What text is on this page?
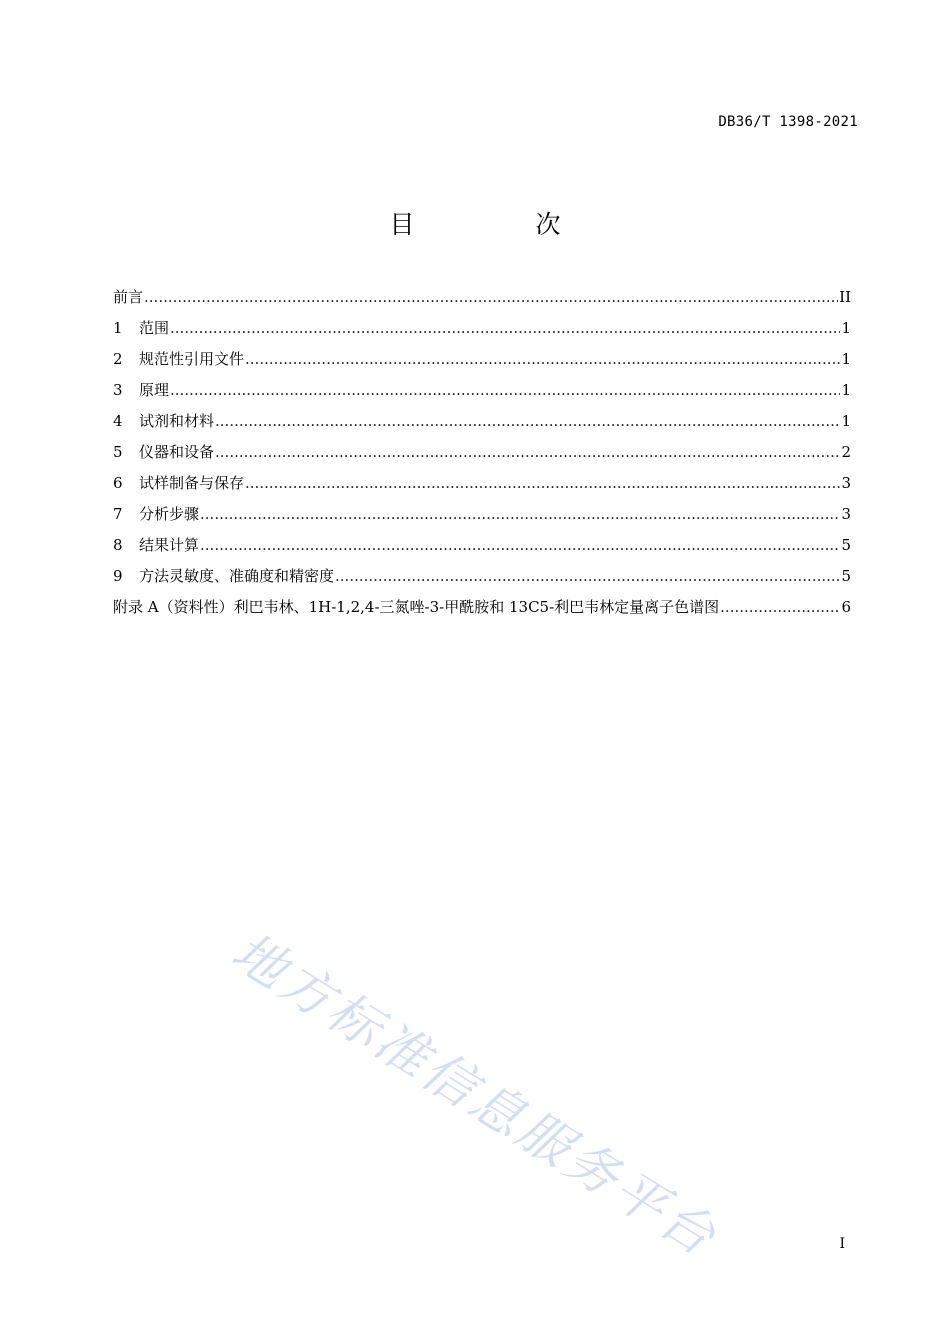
DB36/T 1398-2021
目　次
前言 .....	II
1	范围 .....	1
2	规范性引用文件 .....	1
3	原理 .....	1
4	试剂和材料 .....	1
5	仪器和设备 .....	2
6	试样制备与保存 .....	3
7	分析步骤 .....	3
8	结果计算 .....	5
9	方法灵敏度、准确度和精密度 .....	5
附录 A（资料性）利巴韦林、1H-1,2,4-三氮唑-3-甲酰胺和 13C5-利巴韦林定量离子色谱图 .....	6
地方标准信息服务平台	I
